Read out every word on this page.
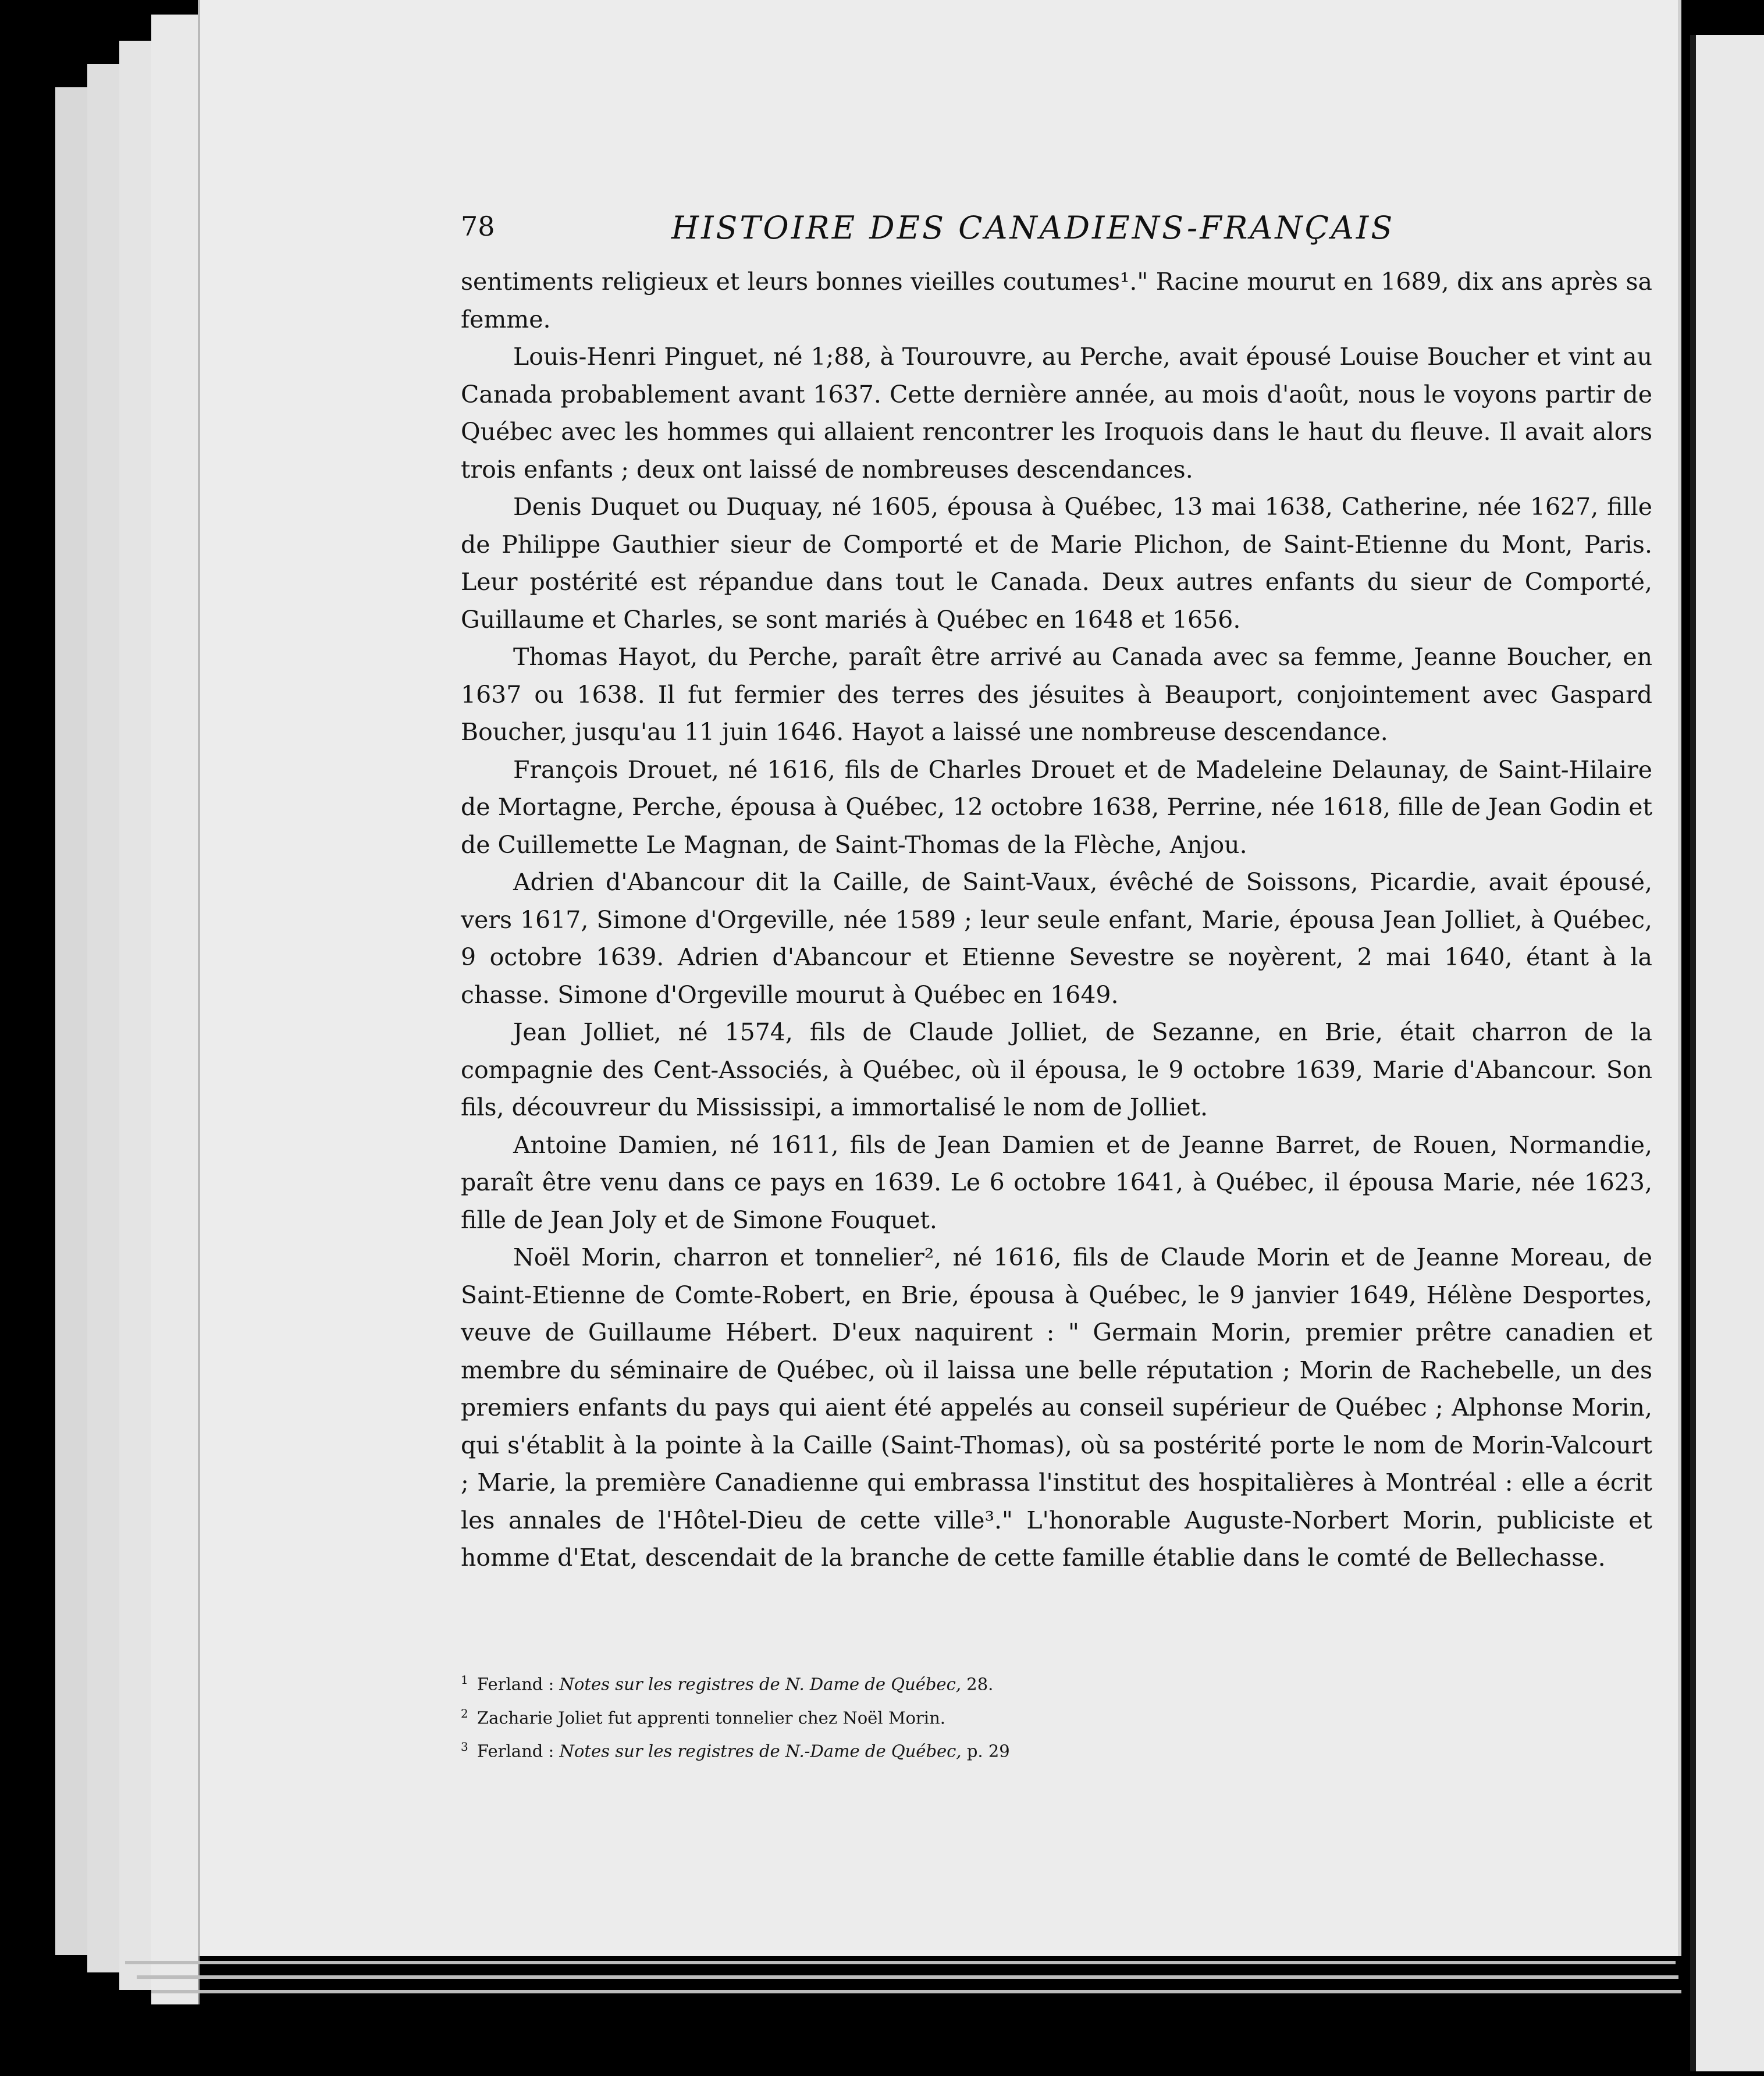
78	HISTOIRE DES CANADIENS-FRANÇAIS

sentiments religieux et leurs bonnes vieilles coutumes¹." Racine mourut en 1689, dix ans après sa femme.

Louis-Henri Pinguet, né 1;88, à Tourouvre, au Perche, avait épousé Louise Boucher et vint au Canada probablement avant 1637. Cette dernière année, au mois d'août, nous le voyons partir de Québec avec les hommes qui allaient rencontrer les Iroquois dans le haut du fleuve. Il avait alors trois enfants ; deux ont laissé de nombreuses descendances.

Denis Duquet ou Duquay, né 1605, épousa à Québec, 13 mai 1638, Catherine, née 1627, fille de Philippe Gauthier sieur de Comporté et de Marie Plichon, de Saint-Etienne du Mont, Paris. Leur postérité est répandue dans tout le Canada. Deux autres enfants du sieur de Comporté, Guillaume et Charles, se sont mariés à Québec en 1648 et 1656.

Thomas Hayot, du Perche, paraît être arrivé au Canada avec sa femme, Jeanne Boucher, en 1637 ou 1638. Il fut fermier des terres des jésuites à Beauport, conjointement avec Gaspard Boucher, jusqu'au 11 juin 1646. Hayot a laissé une nombreuse descendance.

François Drouet, né 1616, fils de Charles Drouet et de Madeleine Delaunay, de Saint-Hilaire de Mortagne, Perche, épousa à Québec, 12 octobre 1638, Perrine, née 1618, fille de Jean Godin et de Cuillemette Le Magnan, de Saint-Thomas de la Flèche, Anjou.

Adrien d'Abancour dit la Caille, de Saint-Vaux, évêché de Soissons, Picardie, avait épousé, vers 1617, Simone d'Orgeville, née 1589 ; leur seule enfant, Marie, épousa Jean Jolliet, à Québec, 9 octobre 1639. Adrien d'Abancour et Etienne Sevestre se noyèrent, 2 mai 1640, étant à la chasse. Simone d'Orgeville mourut à Québec en 1649.

Jean Jolliet, né 1574, fils de Claude Jolliet, de Sezanne, en Brie, était charron de la compagnie des Cent-Associés, à Québec, où il épousa, le 9 octobre 1639, Marie d'Abancour. Son fils, découvreur du Mississipi, a immortalisé le nom de Jolliet.

Antoine Damien, né 1611, fils de Jean Damien et de Jeanne Barret, de Rouen, Normandie, paraît être venu dans ce pays en 1639. Le 6 octobre 1641, à Québec, il épousa Marie, née 1623, fille de Jean Joly et de Simone Fouquet.

Noël Morin, charron et tonnelier², né 1616, fils de Claude Morin et de Jeanne Moreau, de Saint-Etienne de Comte-Robert, en Brie, épousa à Québec, le 9 janvier 1649, Hélène Desportes, veuve de Guillaume Hébert. D'eux naquirent : " Germain Morin, premier prêtre canadien et membre du séminaire de Québec, où il laissa une belle réputation ; Morin de Rachebelle, un des premiers enfants du pays qui aient été appelés au conseil supérieur de Québec ; Alphonse Morin, qui s'établit à la pointe à la Caille (Saint-Thomas), où sa postérité porte le nom de Morin-Valcourt ; Marie, la première Canadienne qui embrassa l'institut des hospitalières à Montréal : elle a écrit les annales de l'Hôtel-Dieu de cette ville³." L'honorable Auguste-Norbert Morin, publiciste et homme d'Etat, descendait de la branche de cette famille établie dans le comté de Bellechasse.

$^1$ Ferland : Notes sur les registres de N. Dame de Québec, 28.

$^2$ Zacharie Joliet fut apprenti tonnelier chez Noël Morin.

$^3$ Ferland : Notes sur les registres de N.-Dame de Québec, p. 29
